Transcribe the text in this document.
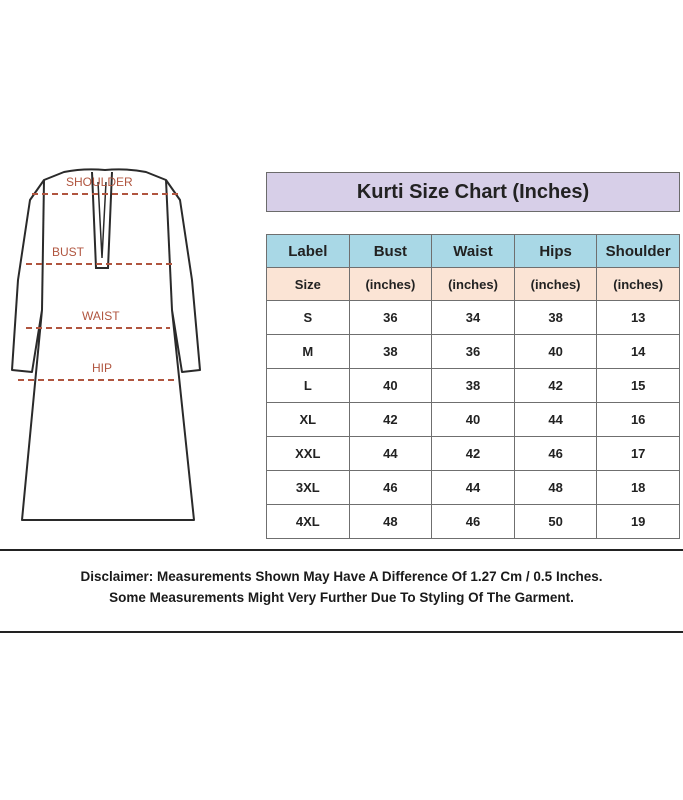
SHOULDER
BUST
WAIST
HIP
Kurti Size Chart (Inches)
Label	Bust	Waist	Hips	Shoulder
Size	(inches)	(inches)	(inches)	(inches)
S	36	34	38	13
M	38	36	40	14
L	40	38	42	15
XL	42	40	44	16
XXL	44	42	46	17
3XL	46	44	48	18
4XL	48	46	50	19
Disclaimer: Measurements Shown May Have A Difference Of 1.27 Cm / 0.5 Inches.
Some Measurements Might Very Further Due To Styling Of The Garment.
